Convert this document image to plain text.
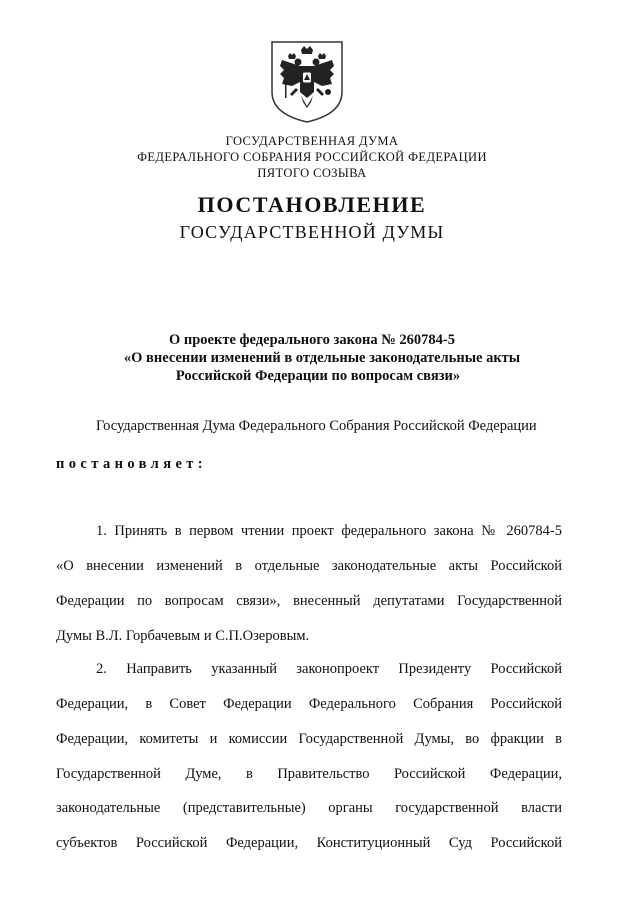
ГОСУДАРСТВЕННАЯ ДУМА
ФЕДЕРАЛЬНОГО СОБРАНИЯ РОССИЙСКОЙ ФЕДЕРАЦИИ
ПЯТОГО СОЗЫВА
ПОСТАНОВЛЕНИЕ
ГОСУДАРСТВЕННОЙ ДУМЫ
О проекте федерального закона № 260784-5
«О внесении изменений в отдельные законодательные акты
Российской Федерации по вопросам связи»
Государственная Дума Федерального Собрания Российской Федерации
постановляет:
1. Принять в первом чтении проект федерального закона № 260784-5
«О внесении изменений в отдельные законодательные акты Российской
Федерации по вопросам связи», внесенный депутатами Государственной
Думы В.Л. Горбачевым и С.П.Озеровым.
2. Направить указанный законопроект Президенту Российской
Федерации, в Совет Федерации Федерального Собрания Российской
Федерации, комитеты и комиссии Государственной Думы, во фракции в
Государственной Думе, в Правительство Российской Федерации,
законодательные (представительные) органы государственной власти
субъектов Российской Федерации, Конституционный Суд Российской
